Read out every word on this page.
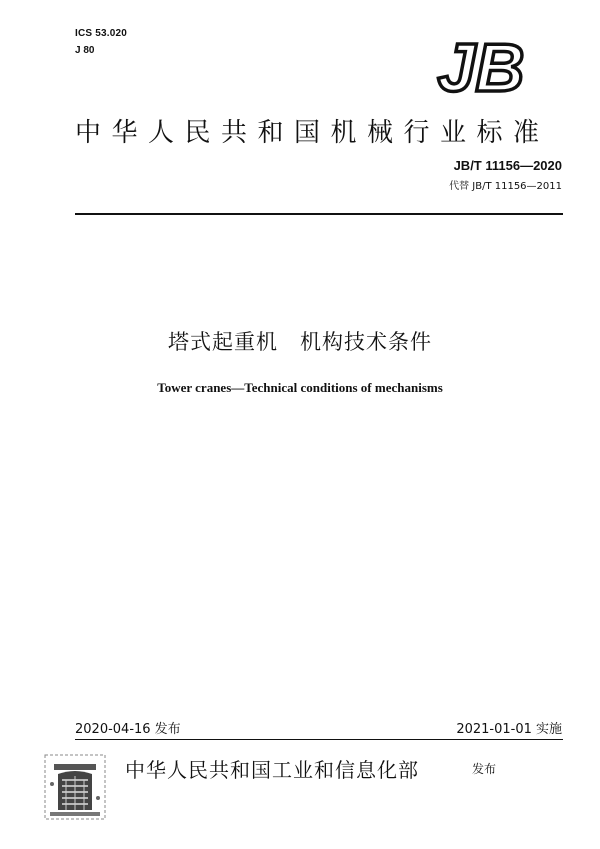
ICS 53.020
J 80	JB
中华人民共和国机械行业标准
JB/T 11156—2020
代替 JB/T 11156—2011
塔式起重机　机构技术条件
Tower cranes—Technical conditions of mechanisms
2020-04-16 发布	2021-01-01 实施
中华人民共和国工业和信息化部	发布
